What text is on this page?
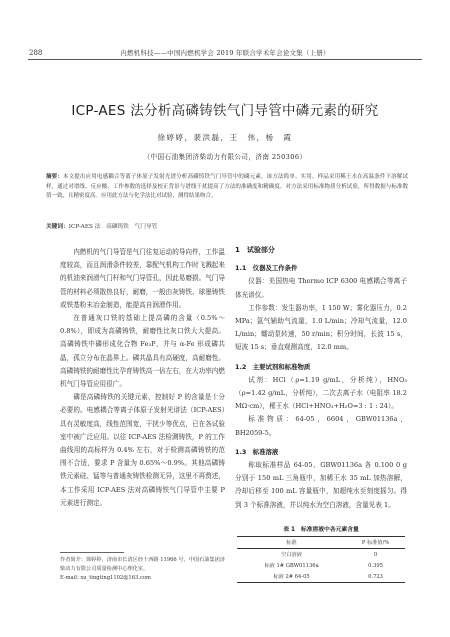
288	内燃机科技——中国内燃机学会 2019 年联合学术年会论文集（上册）
ICP-AES 法分析高磷铸铁气门导管中磷元素的研究
徐婷婷，裴洪磊，王　伟，杨　霞
（中国石油集团济柴动力有限公司，济南 250306）
摘要：本文提出应用电感耦合等离子体原子发射光谱分析高磷铸铁气门导管中的磷元素，该方法简单、实用、样品采用稀王水在高温条件下溶解试样，通过对谱线、反应酸、工作参数的选择及校正背景与谱线干扰提高了方法的准确度和精确度。对方法采用标准物质分析试验，所得数据与标准数值一致，且精密度高。应用此方法与化学法比对试验，测得结果吻合。
关键词：ICP-AES 法　高磷铸铁　气门导管

内燃机的气门导管是气门往复运动的导向件，工作温度较高，而且润滑条件较差，靠配气机构工作时飞溅起来的机油来润滑气门杆和气门导管孔，因此易磨损。气门导管的材料必须散热良好，耐磨，一般由灰铸铁、球墨铸铁或铁基粉末冶金制造，能提高自润滑作用。

在普通灰口铁的基础上提高磷的含量（0.5%～0.8%），即成为高磷铸铁，耐磨性比灰口铁大大提高。高磷铸铁中磷形成化合物 Fe₃P，并与 α-Fe 形成磷共晶，孤立分布在晶界上。磷共晶具有高硬度，高耐磨性。高磷铸铁的耐磨性比孕育铸铁高一倍左右，在大功率内燃机气门导管应用很广。

磷是高磷铸铁的关键元素，控制好 P 的含量是十分必要的。电感耦合等离子体原子发射光谱法（ICP-AES）具有灵敏度高，线性范围宽，干扰少等优点，已在各试验室中被广泛应用。以往 ICP-AES 法检测铸铁，P 的工作曲线用的高标样为 0.4% 左右，对于检测高磷铸铁的范围不合适，要求 P 含量为 0.65%～0.9%。其他高磷铸铁元素硅、锰等与普通灰铸铁检测无异，这里不再赘述，本工作采用 ICP-AES 法对高磷铸铁气门导管中主要 P 元素进行测定。

作者简介：徐婷婷，济南市长清区经十西路 11966 号，中国石油集团济柴动力有限公司质量检测中心理化室。
E-mail: xu_tingting1102@163.com
1　试验部分
1.1　仪器及工作条件

仪器：美国热电 Thermo ICP 6300 电感耦合等离子体光谱仪。

工作参数：发生器功率，1 150 W；雾化器压力，0.2 MPa；氩气辅助气流量，1.0 L/min；冷却气流量，12.0 L/min；蠕动泵转速，50 r/min；积分时间，长波 15 s，短波 15 s；垂直观测高度，12.0 mm。

1.2　主要试剂和标准物质

试剂：HCl（ρ=1.19 g/mL，分析纯），HNO₃（ρ=1.42 g/mL，分析纯），二次去离子水（电阻率 18.2 MΩ·cm），稀王水（HCl+HNO₃+H₂O=3 : 1 : 24）。

标准物质：64-05，6604，GBW01136a，BH2059-5。

1.3　标准溶液

称取标准样品 64-05、GBW01136a 各 0.100 0 g 分别于 150 mL 三角瓶中，加稀王水 35 mL 加热溶解，冷却后移至 100 mL 容量瓶中，加超纯水至刻度摇匀。得到 3 个标准溶液，并以纯水为空白溶液，含量见表 1。

表 1　标准溶液中各元素含量
标准	P 标准值/%
空白溶液	0
标液 1# GBW01136a	0.395
标液 2# 64-05	0.723
